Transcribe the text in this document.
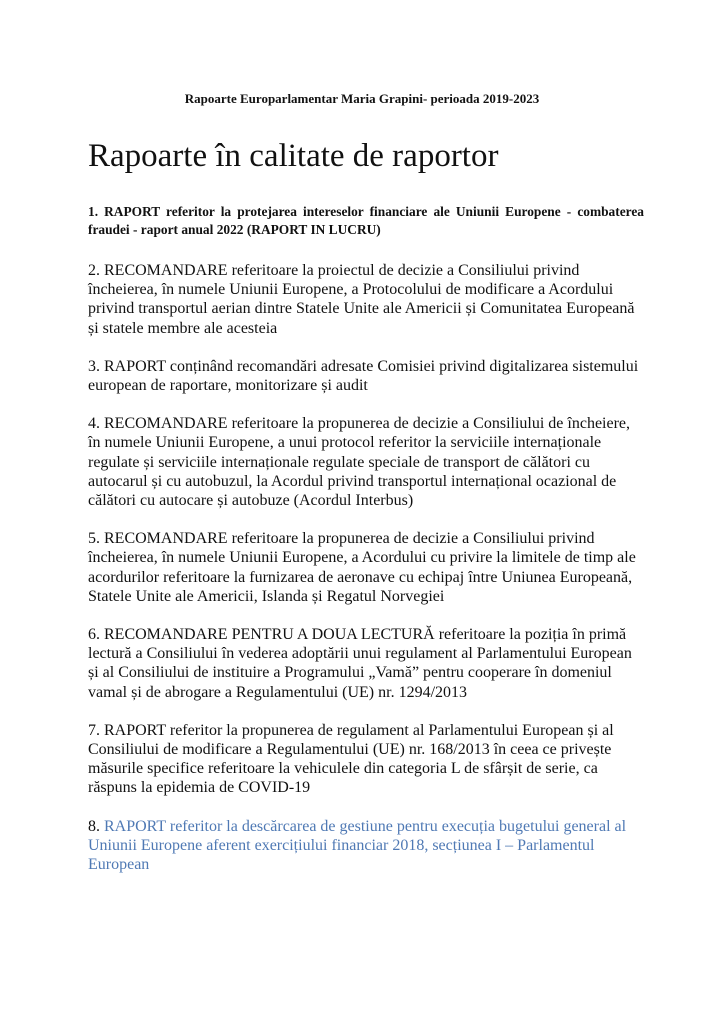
Rapoarte Europarlamentar Maria Grapini- perioada 2019-2023
Rapoarte în calitate de raportor

1. RAPORT referitor la protejarea intereselor financiare ale Uniunii Europene - combaterea fraudei - raport anual 2022 (RAPORT IN LUCRU)

2. RECOMANDARE referitoare la proiectul de decizie a Consiliului privind încheierea, în numele Uniunii Europene, a Protocolului de modificare a Acordului privind transportul aerian dintre Statele Unite ale Americii și Comunitatea Europeană și statele membre ale acesteia

3. RAPORT conținând recomandări adresate Comisiei privind digitalizarea sistemului european de raportare, monitorizare și audit

4. RECOMANDARE referitoare la propunerea de decizie a Consiliului de încheiere, în numele Uniunii Europene, a unui protocol referitor la serviciile internaționale regulate și serviciile internaționale regulate speciale de transport de călători cu autocarul și cu autobuzul, la Acordul privind transportul internațional ocazional de călători cu autocare și autobuze (Acordul Interbus)

5. RECOMANDARE referitoare la propunerea de decizie a Consiliului privind încheierea, în numele Uniunii Europene, a Acordului cu privire la limitele de timp ale acordurilor referitoare la furnizarea de aeronave cu echipaj între Uniunea Europeană, Statele Unite ale Americii, Islanda și Regatul Norvegiei

6. RECOMANDARE PENTRU A DOUA LECTURĂ referitoare la poziția în primă lectură a Consiliului în vederea adoptării unui regulament al Parlamentului European și al Consiliului de instituire a Programului „Vamă” pentru cooperare în domeniul vamal și de abrogare a Regulamentului (UE) nr. 1294/2013

7. RAPORT referitor la propunerea de regulament al Parlamentului European și al Consiliului de modificare a Regulamentului (UE) nr. 168/2013 în ceea ce privește măsurile specifice referitoare la vehiculele din categoria L de sfârșit de serie, ca răspuns la epidemia de COVID-19

8. RAPORT referitor la descărcarea de gestiune pentru execuția bugetului general al Uniunii Europene aferent exercițiului financiar 2018, secțiunea I – Parlamentul European
